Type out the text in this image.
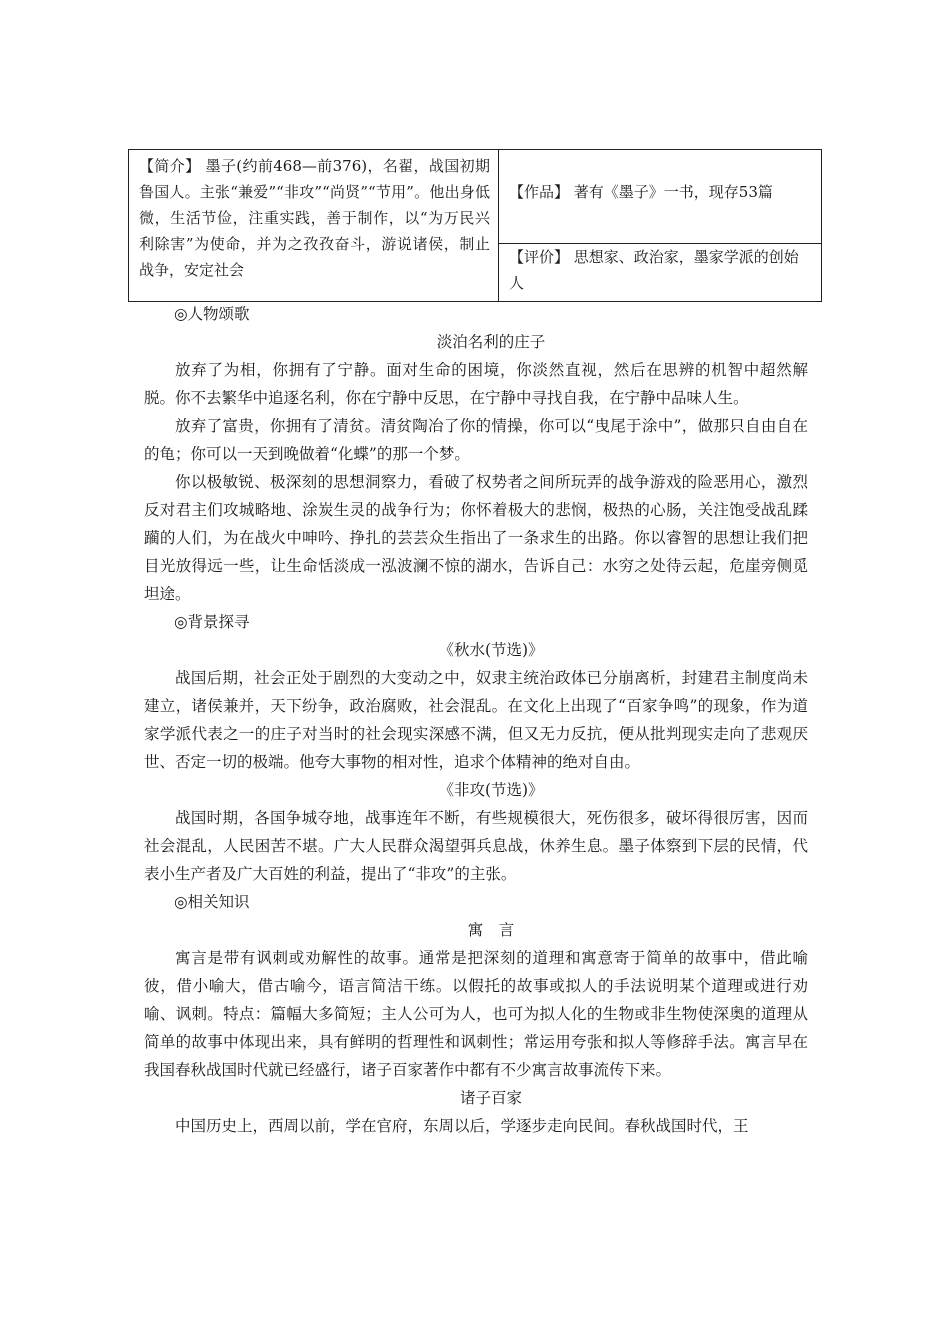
【简介】 墨子(约前468—前376)，名翟，战国初期鲁国人。主张“兼爱”“非攻”“尚贤”“节用”。他出身低微，生活节俭，注重实践，善于制作，以“为万民兴利除害”为使命，并为之孜孜奋斗，游说诸侯，制止战争，安定社会
【作品】 著有《墨子》一书，现存53篇
【评价】 思想家、政治家，墨家学派的创始人

◎人物颂歌

淡泊名利的庄子

放弃了为相，你拥有了宁静。面对生命的困境，你淡然直视，然后在思辨的机智中超然解脱。你不去繁华中追逐名利，你在宁静中反思，在宁静中寻找自我，在宁静中品味人生。

放弃了富贵，你拥有了清贫。清贫陶冶了你的情操，你可以“曳尾于涂中”，做那只自由自在的龟；你可以一天到晚做着“化蝶”的那一个梦。

你以极敏锐、极深刻的思想洞察力，看破了权势者之间所玩弄的战争游戏的险恶用心，激烈反对君主们攻城略地、涂炭生灵的战争行为；你怀着极大的悲悯，极热的心肠，关注饱受战乱蹂躏的人们，为在战火中呻吟、挣扎的芸芸众生指出了一条求生的出路。你以睿智的思想让我们把目光放得远一些，让生命恬淡成一泓波澜不惊的湖水，告诉自己：水穷之处待云起，危崖旁侧觅坦途。

◎背景探寻

《秋水(节选)》

战国后期，社会正处于剧烈的大变动之中，奴隶主统治政体已分崩离析，封建君主制度尚未建立，诸侯兼并，天下纷争，政治腐败，社会混乱。在文化上出现了“百家争鸣”的现象，作为道家学派代表之一的庄子对当时的社会现实深感不满，但又无力反抗，便从批判现实走向了悲观厌世、否定一切的极端。他夸大事物的相对性，追求个体精神的绝对自由。

《非攻(节选)》

战国时期，各国争城夺地，战事连年不断，有些规模很大，死伤很多，破坏得很厉害，因而社会混乱，人民困苦不堪。广大人民群众渴望弭兵息战，休养生息。墨子体察到下层的民情，代表小生产者及广大百姓的利益，提出了“非攻”的主张。

◎相关知识

寓　言

寓言是带有讽刺或劝解性的故事。通常是把深刻的道理和寓意寄于简单的故事中，借此喻彼，借小喻大，借古喻今，语言简洁干练。以假托的故事或拟人的手法说明某个道理或进行劝喻、讽刺。特点：篇幅大多简短；主人公可为人，也可为拟人化的生物或非生物使深奥的道理从简单的故事中体现出来，具有鲜明的哲理性和讽刺性；常运用夸张和拟人等修辞手法。寓言早在我国春秋战国时代就已经盛行，诸子百家著作中都有不少寓言故事流传下来。

诸子百家

中国历史上，西周以前，学在官府，东周以后，学逐步走向民间。春秋战国时代，王
